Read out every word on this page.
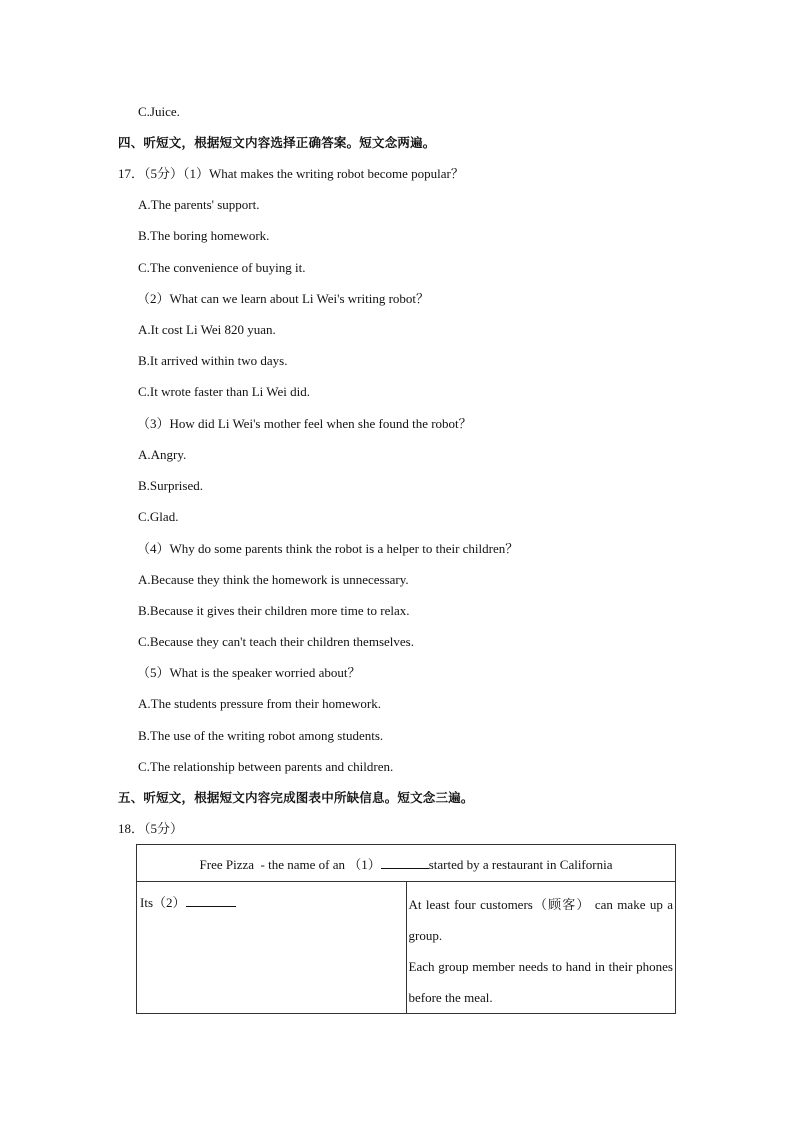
C.Juice.
四、听短文，根据短文内容选择正确答案。短文念两遍。
17．（5分）（1）What makes the writing robot become popular？
A.The parents' support.
B.The boring homework.
C.The convenience of buying it.
（2）What can we learn about Li Wei's writing robot？
A.It cost Li Wei 820 yuan.
B.It arrived within two days.
C.It wrote faster than Li Wei did.
（3）How did Li Wei's mother feel when she found the robot？
A.Angry.
B.Surprised.
C.Glad.
（4）Why do some parents think the robot is a helper to their children？
A.Because they think the homework is unnecessary.
B.Because it gives their children more time to relax.
C.Because they can't teach their children themselves.
（5）What is the speaker worried about？
A.The students pressure from their homework.
B.The use of the writing robot among students.
C.The relationship between parents and children.
五、听短文，根据短文内容完成图表中所缺信息。短文念三遍。
18．（5分）
Free Pizza  - the name of an （1）	started by a restaurant in California
Its（2）	At least four customers（顾客） can make up a group.
Each group member needs to hand in their phones before the meal.
